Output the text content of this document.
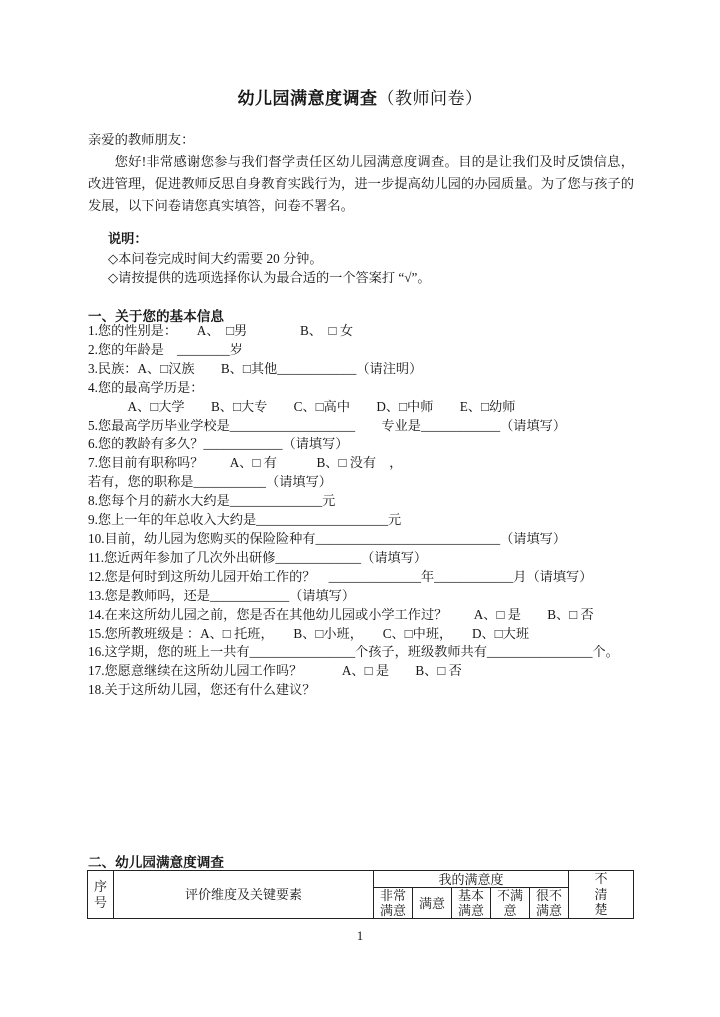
幼儿园满意度调查（教师问卷）
亲爱的教师朋友：
您好!非常感谢您参与我们督学责任区幼儿园满意度调查。目的是让我们及时反馈信息，改进管理，促进教师反思自身教育实践行为，进一步提高幼儿园的办园质量。为了您与孩子的发展，以下问卷请您真实填答，问卷不署名。
说明：
◇本问卷完成时间大约需要 20 分钟。
◇请按提供的选项选择你认为最合适的一个答案打 “√”。
一、关于您的基本信息
1.您的性别是：　　A、　□男　　　　B、　□ 女
2.您的年龄是　________岁
3.民族：A、□汉族　　B、□其他____________（请注明）
4.您的最高学历是：
　　　A、□大学　　B、□大专　　C、□高中　　D、□中师　　E、□幼师
5.您最高学历毕业学校是___________________　　专业是____________（请填写）
6.您的教龄有多久？____________（请填写）
7.您目前有职称吗？　　A、□ 有　　　B、□ 没有　，
若有，您的职称是___________（请填写）
8.您每个月的薪水大约是______________元
9.您上一年的年总收入大约是____________________元
10.目前，幼儿园为您购买的保险险种有____________________________（请填写）
11.您近两年参加了几次外出研修_____________（请填写）
12.您是何时到这所幼儿园开始工作的？　______________年____________月（请填写）
13.您是教师吗，还是____________（请填写）
14.在来这所幼儿园之前，您是否在其他幼儿园或小学工作过？　　A、□ 是　　B、□ 否
15.您所教班级是 ：A、□ 托班，　　B、□小班，　　C、□中班，　　D、□大班
16.这学期，您的班上一共有________________个孩子，班级教师共有________________个。
17.您愿意继续在这所幼儿园工作吗？　　　A、□ 是　　B、□ 否
18.关于这所幼儿园，您还有什么建议？
二、幼儿园满意度调查
序号	评价维度及关键要素	我的满意度					不清楚
		非常满意	满意	基本满意	不满意	很不满意	
1
